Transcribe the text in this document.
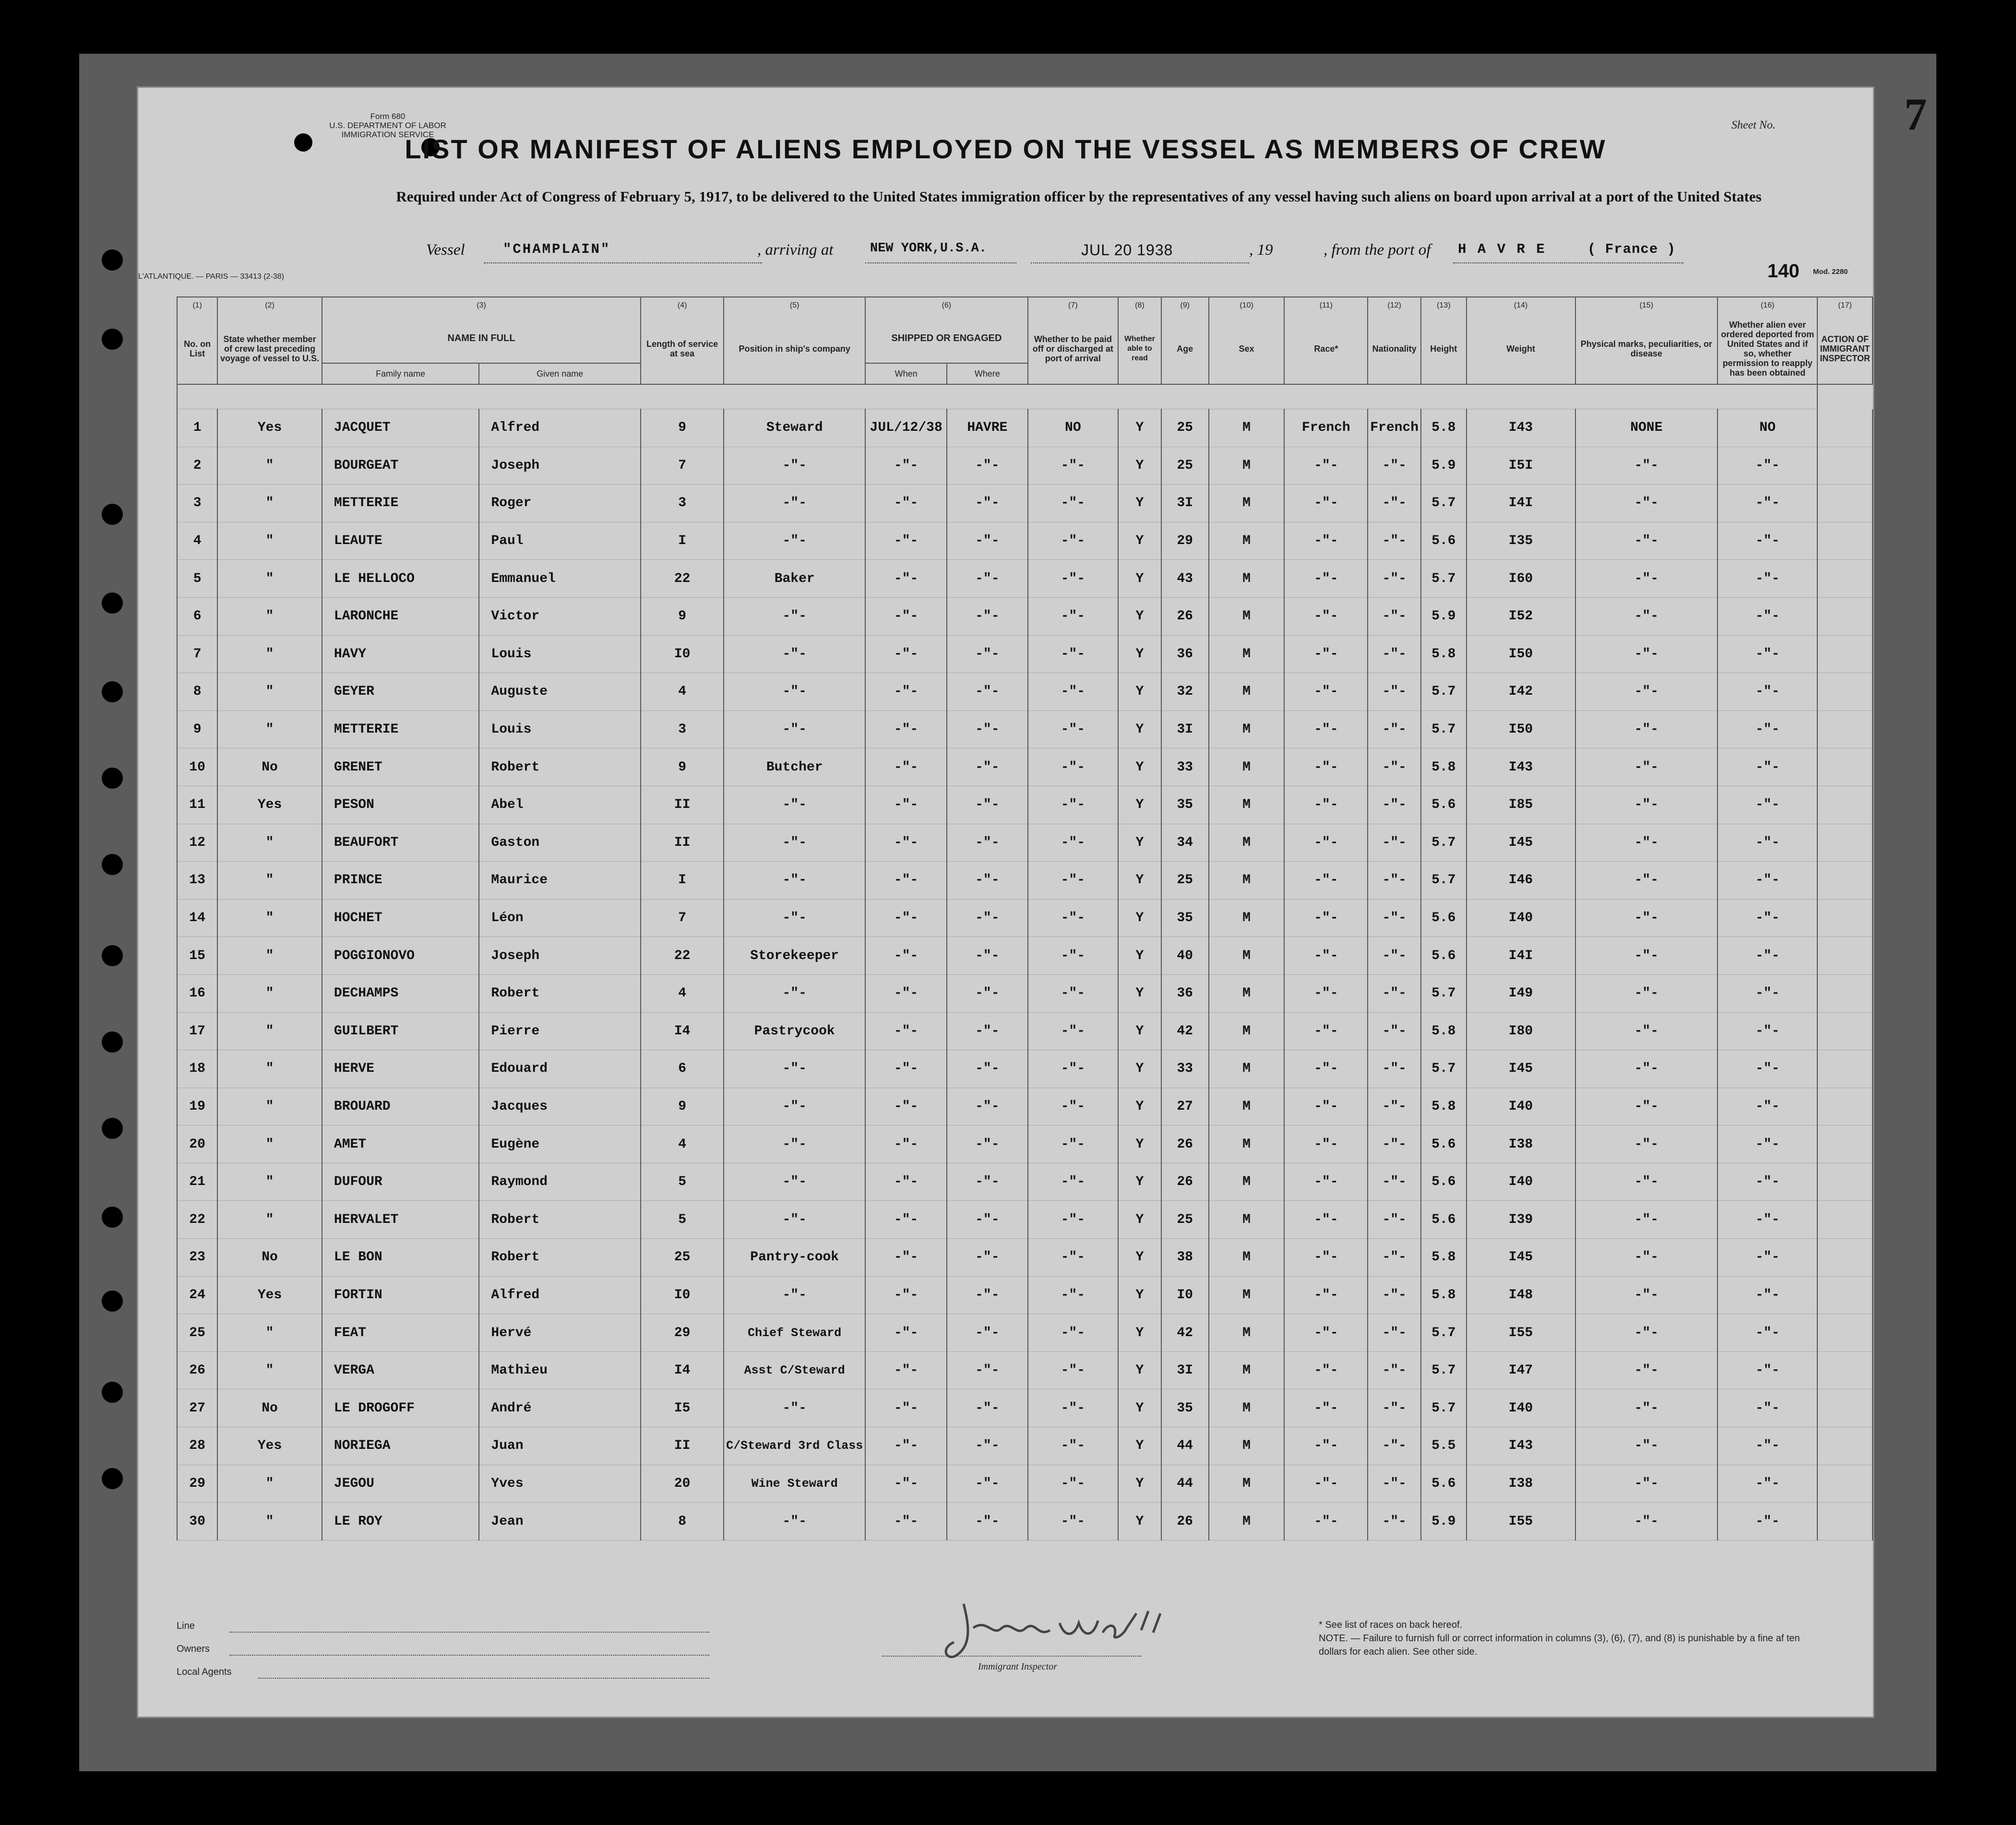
Form 680
U.S. DEPARTMENT OF LABOR
IMMIGRATION SERVICE
Sheet No.	7
LIST OR MANIFEST OF ALIENS EMPLOYED ON THE VESSEL AS MEMBERS OF CREW
Required under Act of Congress of February 5, 1917, to be delivered to the United States immigration officer by the representatives of any vessel having such aliens on board upon arrival at a port of the United States
Vessel	"CHAMPLAIN"	, arriving at	NEW YORK,U.S.A.	JUL 20 1938	, 19	, from the port of H A V R E	( France )
L'ATLANTIQUE. — PARIS — 33413 (2-38)	140 Mod. 2280
(1)	(2)	(3)		(4)	(5)	(6)		(7)	(8)	(9)	(10)	(11)	(12)	(13)	(14)	(15)	(16)	(17)
No. on List	State whether member of crew last preceding voyage of vessel to U.S.	NAME IN FULL		Length of service at sea	Position in ship's company	SHIPPED OR ENGAGED		Whether to be paid off or discharged at port of arrival	Whether able to read	Age	Sex	Race*	Nationality	Height	Weight	Physical marks, peculiarities, or disease	Whether alien ever ordered deported from United States and if so, whether permission to reapply has been obtained	ACTION OF IMMIGRANT INSPECTOR
		Family name	Given name			When	Where											

1	Yes	JACQUET	Alfred	9	Steward	JUL/12/38	HAVRE	NO	Y	25	M	French	French	5.8	I43	NONE	NO	
2	"	BOURGEAT	Joseph	7	-"-	-"-	-"-	-"-	Y	25	M	-"-	-"-	5.9	I5I	-"-	-"-	
3	"	METTERIE	Roger	3	-"-	-"-	-"-	-"-	Y	3I	M	-"-	-"-	5.7	I4I	-"-	-"-	
4	"	LEAUTE	Paul	I	-"-	-"-	-"-	-"-	Y	29	M	-"-	-"-	5.6	I35	-"-	-"-	
5	"	LE HELLOCO	Emmanuel	22	Baker	-"-	-"-	-"-	Y	43	M	-"-	-"-	5.7	I60	-"-	-"-	
6	"	LARONCHE	Victor	9	-"-	-"-	-"-	-"-	Y	26	M	-"-	-"-	5.9	I52	-"-	-"-	
7	"	HAVY	Louis	I0	-"-	-"-	-"-	-"-	Y	36	M	-"-	-"-	5.8	I50	-"-	-"-	
8	"	GEYER	Auguste	4	-"-	-"-	-"-	-"-	Y	32	M	-"-	-"-	5.7	I42	-"-	-"-	
9	"	METTERIE	Louis	3	-"-	-"-	-"-	-"-	Y	3I	M	-"-	-"-	5.7	I50	-"-	-"-	
10	No	GRENET	Robert	9	Butcher	-"-	-"-	-"-	Y	33	M	-"-	-"-	5.8	I43	-"-	-"-	
11	Yes	PESON	Abel	II	-"-	-"-	-"-	-"-	Y	35	M	-"-	-"-	5.6	I85	-"-	-"-	
12	"	BEAUFORT	Gaston	II	-"-	-"-	-"-	-"-	Y	34	M	-"-	-"-	5.7	I45	-"-	-"-	
13	"	PRINCE	Maurice	I	-"-	-"-	-"-	-"-	Y	25	M	-"-	-"-	5.7	I46	-"-	-"-	
14	"	HOCHET	Léon	7	-"-	-"-	-"-	-"-	Y	35	M	-"-	-"-	5.6	I40	-"-	-"-	
15	"	POGGIONOVO	Joseph	22	Storekeeper	-"-	-"-	-"-	Y	40	M	-"-	-"-	5.6	I4I	-"-	-"-	
16	"	DECHAMPS	Robert	4	-"-	-"-	-"-	-"-	Y	36	M	-"-	-"-	5.7	I49	-"-	-"-	
17	"	GUILBERT	Pierre	I4	Pastrycook	-"-	-"-	-"-	Y	42	M	-"-	-"-	5.8	I80	-"-	-"-	
18	"	HERVE	Edouard	6	-"-	-"-	-"-	-"-	Y	33	M	-"-	-"-	5.7	I45	-"-	-"-	
19	"	BROUARD	Jacques	9	-"-	-"-	-"-	-"-	Y	27	M	-"-	-"-	5.8	I40	-"-	-"-	
20	"	AMET	Eugène	4	-"-	-"-	-"-	-"-	Y	26	M	-"-	-"-	5.6	I38	-"-	-"-	
21	"	DUFOUR	Raymond	5	-"-	-"-	-"-	-"-	Y	26	M	-"-	-"-	5.6	I40	-"-	-"-	
22	"	HERVALET	Robert	5	-"-	-"-	-"-	-"-	Y	25	M	-"-	-"-	5.6	I39	-"-	-"-	
23	No	LE BON	Robert	25	Pantry-cook	-"-	-"-	-"-	Y	38	M	-"-	-"-	5.8	I45	-"-	-"-	
24	Yes	FORTIN	Alfred	I0	-"-	-"-	-"-	-"-	Y	I0	M	-"-	-"-	5.8	I48	-"-	-"-	
25	"	FEAT	Hervé	29	Chief Steward	-"-	-"-	-"-	Y	42	M	-"-	-"-	5.7	I55	-"-	-"-	
26	"	VERGA	Mathieu	I4	Asst C/Steward	-"-	-"-	-"-	Y	3I	M	-"-	-"-	5.7	I47	-"-	-"-	
27	No	LE DROGOFF	André	I5	-"-	-"-	-"-	-"-	Y	35	M	-"-	-"-	5.7	I40	-"-	-"-	
28	Yes	NORIEGA	Juan	II	C/Steward 3rd Class	-"-	-"-	-"-	Y	44	M	-"-	-"-	5.5	I43	-"-	-"-	
29	"	JEGOU	Yves	20	Wine Steward	-"-	-"-	-"-	Y	44	M	-"-	-"-	5.6	I38	-"-	-"-	
30	"	LE ROY	Jean	8	-"-	-"-	-"-	-"-	Y	26	M	-"-	-"-	5.9	I55	-"-	-"-	
Line
Owners
Local Agents	Immigrant Inspector
* See list of races on back hereof.
NOTE. — Failure to furnish full or correct information in columns (3), (6), (7), and (8) is punishable by a fine af ten dollars for each alien. See other side.
